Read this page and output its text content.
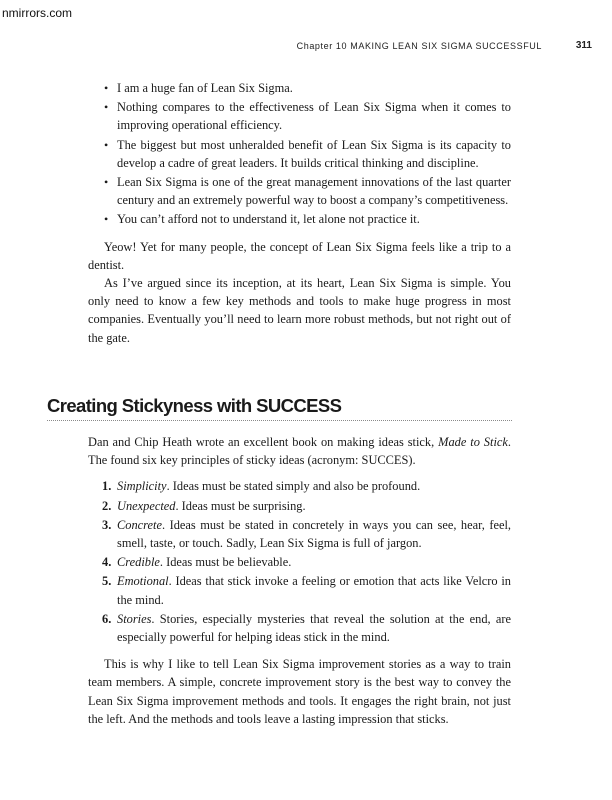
nmirrors.com
Chapter 10 MAKING LEAN SIX SIGMA SUCCESSFUL	311
• I am a huge fan of Lean Six Sigma.
• Nothing compares to the effectiveness of Lean Six Sigma when it comes to improving operational efficiency.
• The biggest but most unheralded benefit of Lean Six Sigma is its capacity to develop a cadre of great leaders. It builds critical thinking and discipline.
• Lean Six Sigma is one of the great management innovations of the last quarter century and an extremely powerful way to boost a company’s competitiveness.
• You can’t afford not to understand it, let alone not practice it.

Yeow! Yet for many people, the concept of Lean Six Sigma feels like a trip to a dentist.

As I’ve argued since its inception, at its heart, Lean Six Sigma is simple. You only need to know a few key methods and tools to make huge progress in most companies. Eventually you’ll need to learn more robust methods, but not right out of the gate.

Creating Stickyness with SUCCESS

Dan and Chip Heath wrote an excellent book on making ideas stick, Made to Stick. The found six key principles of sticky ideas (acronym: SUCCES).

1. Simplicity. Ideas must be stated simply and also be profound.
2. Unexpected. Ideas must be surprising.
3. Concrete. Ideas must be stated in concretely in ways you can see, hear, feel, smell, taste, or touch. Sadly, Lean Six Sigma is full of jargon.
4. Credible. Ideas must be believable.
5. Emotional. Ideas that stick invoke a feeling or emotion that acts like Velcro in the mind.
6. Stories. Stories, especially mysteries that reveal the solution at the end, are especially powerful for helping ideas stick in the mind.

This is why I like to tell Lean Six Sigma improvement stories as a way to train team members. A simple, concrete improvement story is the best way to convey the Lean Six Sigma improvement methods and tools. It engages the right brain, not just the left. And the methods and tools leave a lasting impression that sticks.
